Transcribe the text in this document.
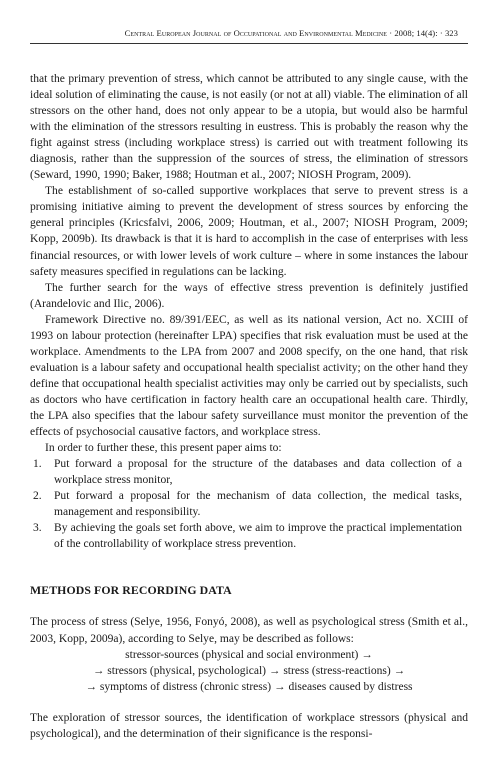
Central European Journal of Occupational and Environmental Medicine · 2008; 14(4): · 323

that the primary prevention of stress, which cannot be attributed to any single cause, with the ideal solution of eliminating the cause, is not easily (or not at all) viable. The elimination of all stressors on the other hand, does not only appear to be a utopia, but would also be harmful with the elimination of the stressors resulting in eustress. This is probably the reason why the fight against stress (including workplace stress) is carried out with treatment following its diagnosis, rather than the suppression of the sources of stress, the elimination of stressors (Seward, 1990, 1990; Baker, 1988; Houtman et al., 2007; NIOSH Program, 2009).

The establishment of so-called supportive workplaces that serve to prevent stress is a promising initiative aiming to prevent the development of stress sources by enforcing the general principles (Kricsfalvi, 2006, 2009; Houtman, et al., 2007; NIOSH Program, 2009; Kopp, 2009b). Its drawback is that it is hard to accomplish in the case of enterprises with less financial resources, or with lower levels of work culture – where in some instances the labour safety measures specified in regulations can be lacking.

The further search for the ways of effective stress prevention is definitely justified (Arandelovic and Ilic, 2006).

Framework Directive no. 89/391/EEC, as well as its national version, Act no. XCIII of 1993 on labour protection (hereinafter LPA) specifies that risk evaluation must be used at the workplace. Amendments to the LPA from 2007 and 2008 specify, on the one hand, that risk evaluation is a labour safety and occupational health specialist activity; on the other hand they define that occupational health specialist activities may only be carried out by specialists, such as doctors who have certification in factory health care an occupational health care. Thirdly, the LPA also specifies that the labour safety surveillance must monitor the prevention of the effects of psychosocial causative factors, and workplace stress.

In order to further these, this present paper aims to:

1. Put forward a proposal for the structure of the databases and data collection of a workplace stress monitor,
2. Put forward a proposal for the mechanism of data collection, the medical tasks, management and responsibility.
3. By achieving the goals set forth above, we aim to improve the practical implementation of the controllability of workplace stress prevention.

METHODS FOR RECORDING DATA

The process of stress (Selye, 1956, Fonyó, 2008), as well as psychological stress (Smith et al., 2003, Kopp, 2009a), according to Selye, may be described as follows:

stressor-sources (physical and social environment) →

→ stressors (physical, psychological) → stress (stress-reactions) →

→ symptoms of distress (chronic stress) → diseases caused by distress

The exploration of stressor sources, the identification of workplace stressors (physical and psychological), and the determination of their significance is the responsi-
